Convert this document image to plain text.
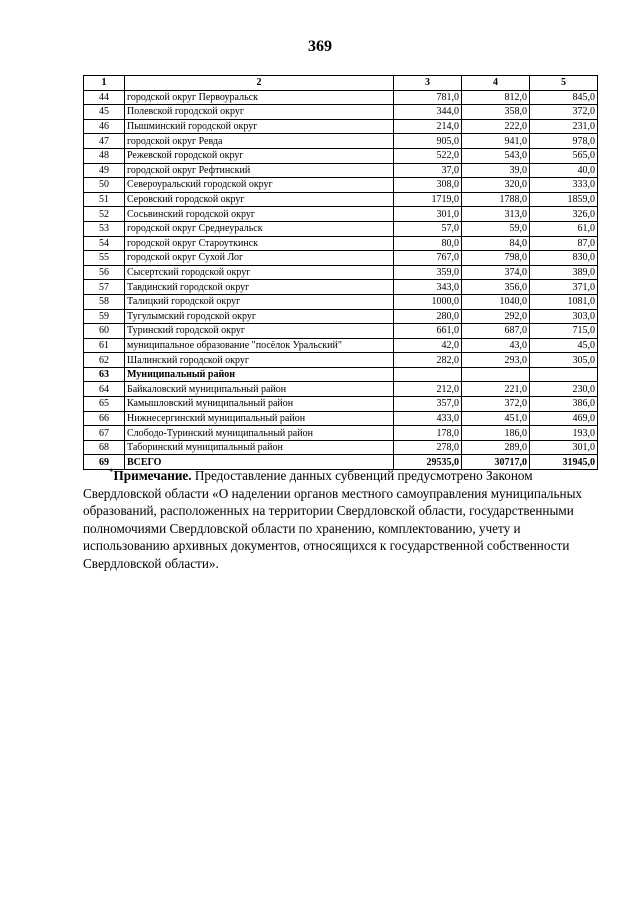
369
1	2	3	4	5
44	городской округ Первоуральск	781,0	812,0	845,0
45	Полевской городской округ	344,0	358,0	372,0
46	Пышминский городской округ	214,0	222,0	231,0
47	городской округ Ревда	905,0	941,0	978,0
48	Режевской городской округ	522,0	543,0	565,0
49	городской округ Рефтинский	37,0	39,0	40,0
50	Североуральский городской округ	308,0	320,0	333,0
51	Серовский городской округ	1719,0	1788,0	1859,0
52	Сосьвинский городской округ	301,0	313,0	326,0
53	городской округ Среднеуральск	57,0	59,0	61,0
54	городской округ Староуткинск	80,0	84,0	87,0
55	городской округ Сухой Лог	767,0	798,0	830,0
56	Сысертский городской округ	359,0	374,0	389,0
57	Тавдинский городской округ	343,0	356,0	371,0
58	Талицкий городской округ	1000,0	1040,0	1081,0
59	Тугулымский городской округ	280,0	292,0	303,0
60	Туринский городской округ	661,0	687,0	715,0
61	муниципальное образование "посёлок Уральский"	42,0	43,0	45,0
62	Шалинский городской округ	282,0	293,0	305,0
63	Муниципальный район			
64	Байкаловский муниципальный район	212,0	221,0	230,0
65	Камышловский муниципальный район	357,0	372,0	386,0
66	Нижнесергинский муниципальный район	433,0	451,0	469,0
67	Слободо-Туринский муниципальный район	178,0	186,0	193,0
68	Таборинский муниципальный район	278,0	289,0	301,0
69	ВСЕГО	29535,0	30717,0	31945,0
*Примечание. Предоставление данных субвенций предусмотрено Законом Свердловской области «О наделении органов местного самоуправления муниципальных образований, расположенных на территории Свердловской области, государственными полномочиями Свердловской области по хранению, комплектованию, учету и использованию архивных документов, относящихся к государственной собственности Свердловской области».
